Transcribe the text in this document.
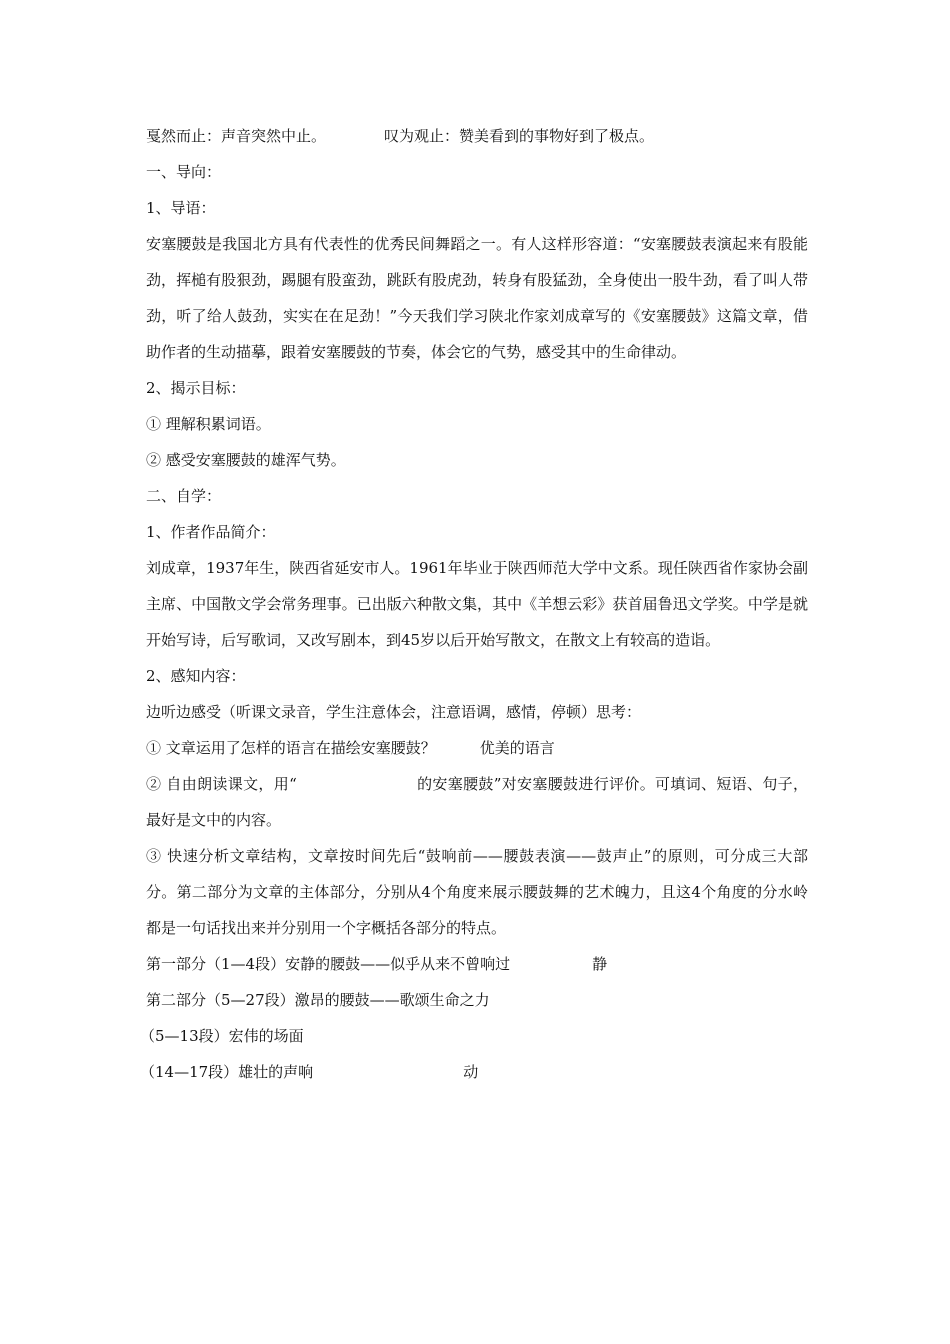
戛然而止：声音突然中止。	叹为观止：赞美看到的事物好到了极点。
一、导向：
1、导语：
安塞腰鼓是我国北方具有代表性的优秀民间舞蹈之一。有人这样形容道：“安塞腰鼓表演起来有股能劲，挥槌有股狠劲，踢腿有股蛮劲，跳跃有股虎劲，转身有股猛劲，全身使出一股牛劲，看了叫人带劲，听了给人鼓劲，实实在在足劲！”今天我们学习陕北作家刘成章写的《安塞腰鼓》这篇文章，借助作者的生动描摹，跟着安塞腰鼓的节奏，体会它的气势，感受其中的生命律动。
2、揭示目标：
① 理解积累词语。
② 感受安塞腰鼓的雄浑气势。
二、自学：
1、作者作品简介：
刘成章，1937年生，陕西省延安市人。1961年毕业于陕西师范大学中文系。现任陕西省作家协会副主席、中国散文学会常务理事。已出版六种散文集，其中《羊想云彩》获首届鲁迅文学奖。中学是就开始写诗，后写歌词，又改写剧本，到45岁以后开始写散文，在散文上有较高的造诣。
2、感知内容：
边听边感受（听课文录音，学生注意体会，注意语调，感情，停顿）思考：
① 文章运用了怎样的语言在描绘安塞腰鼓？	优美的语言
② 自由朗读课文，用“	的安塞腰鼓”对安塞腰鼓进行评价。可填词、短语、句子，最好是文中的内容。
③ 快速分析文章结构，文章按时间先后“鼓响前——腰鼓表演——鼓声止”的原则，可分成三大部分。第二部分为文章的主体部分，分别从4个角度来展示腰鼓舞的艺术魄力，且这4个角度的分水岭都是一句话找出来并分别用一个字概括各部分的特点。
第一部分（1—4段）安静的腰鼓——似乎从来不曾响过	静
第二部分（5—27段）激昂的腰鼓——歌颂生命之力
（5—13段）宏伟的场面
（14—17段）雄壮的声响	动
